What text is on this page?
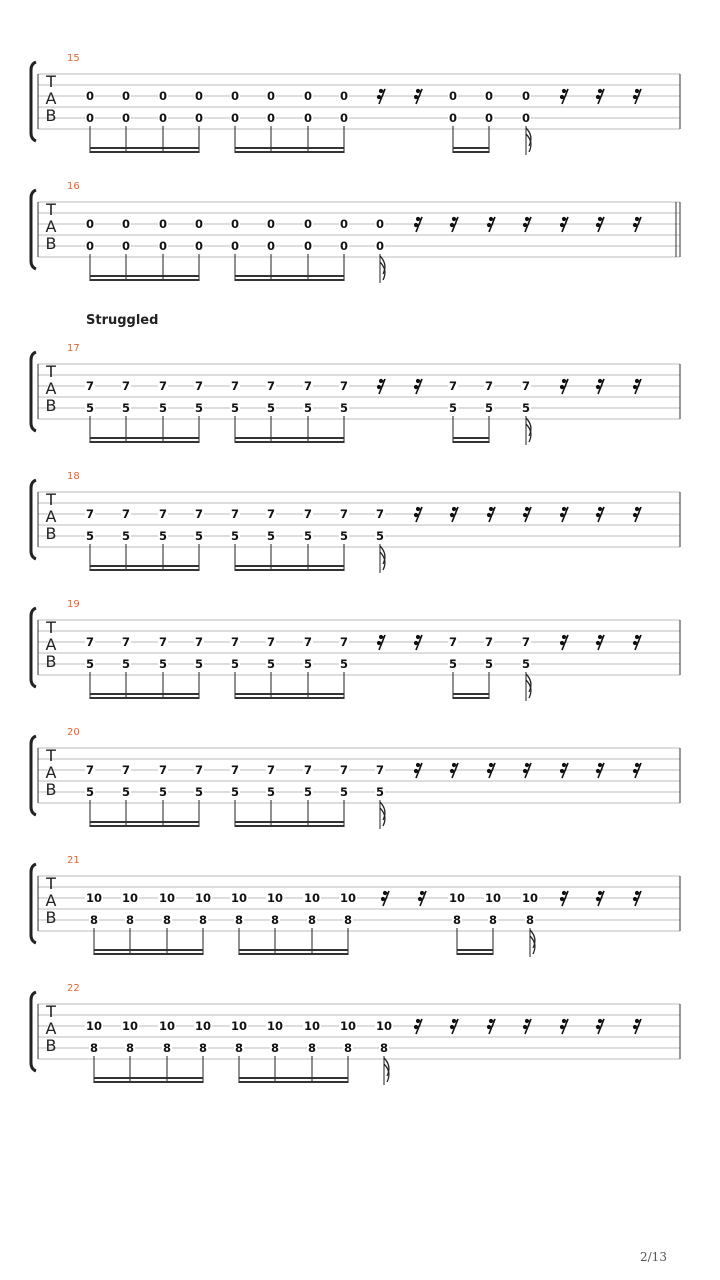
T
A
B
15
0
0
0
0
0
0
0
0
0
0
0
0
0
0
0
0
0
0
0
0
0
0
T
A
B
16
0
0
0
0
0
0
0
0
0
0
0
0
0
0
0
0
0
0
T
A
B
17
7
5
7
5
7
5
7
5
7
5
7
5
7
5
7
5
7
5
7
5
7
5
Struggled
T
A
B
18
7
5
7
5
7
5
7
5
7
5
7
5
7
5
7
5
7
5
T
A
B
19
7
5
7
5
7
5
7
5
7
5
7
5
7
5
7
5
7
5
7
5
7
5
T
A
B
20
7
5
7
5
7
5
7
5
7
5
7
5
7
5
7
5
7
5
T
A
B
21
10
8
10
8
10
8
10
8
10
8
10
8
10
8
10
8
10
8
10
8
10
8
T
A
B
22
10
8
10
8
10
8
10
8
10
8
10
8
10
8
10
8
10
8
2/13
